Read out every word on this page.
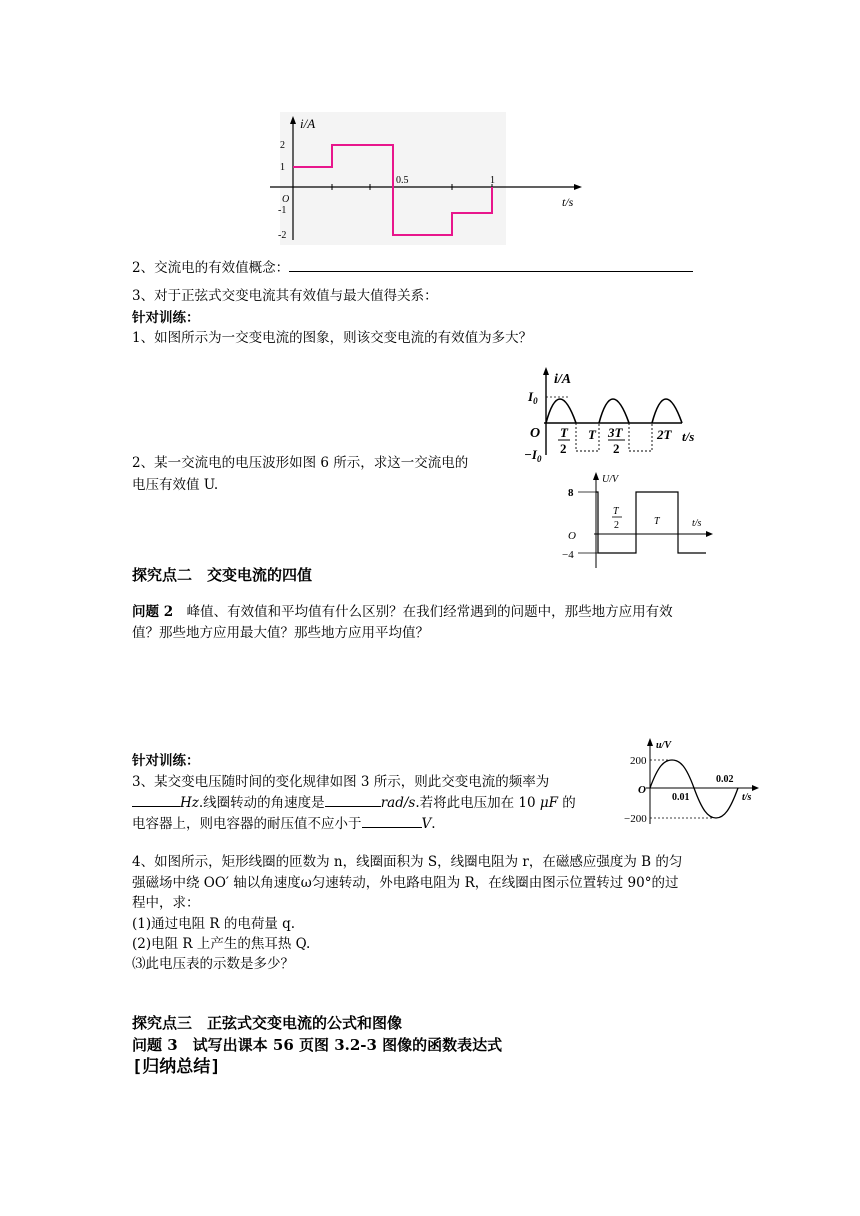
i/A
2
1
O
-1
-2
0.5	1
t/s
2、交流电的有效值概念：
3、对于正弦式交变电流其有效值与最大值得关系：
针对训练：
1、如图所示为一交变电流的图象，则该交变电流的有效值为多大？
i/A
$I_0$
O
$-I_0$
T
2
T 3T
2
2T t/s
2、某一交流电的电压波形如图 6 所示，求这一交流电的
电压有效值 U.	U/V
8
O
−4
T
2	T	t/s
探究点二　交变电流的四值
问题 2　峰值、有效值和平均值有什么区别？在我们经常遇到的问题中，那些地方应用有效
值？那些地方应用最大值？那些地方应用平均值？
针对训练：
3、某交变电压随时间的变化规律如图 3 所示，则此交变电流的频率为
Hz.线圈转动的角速度是	rad/s.若将此电压加在 10 μF 的
电容器上，则电容器的耐压值不应小于	V.
u/V
200
O
−200
0.01
0.02
t/s
4、如图所示，矩形线圈的匝数为 n，线圈面积为 S，线圈电阻为 r，在磁感应强度为 B 的匀
强磁场中绕 OO′ 轴以角速度ω匀速转动，外电路电阻为 R，在线圈由图示位置转过 90°的过
程中，求：
(1)通过电阻 R 的电荷量 q.
(2)电阻 R 上产生的焦耳热 Q.
⑶此电压表的示数是多少？
探究点三　正弦式交变电流的公式和图像
问题 3　试写出课本 56 页图 3.2-3 图像的函数表达式
[归纳总结]
